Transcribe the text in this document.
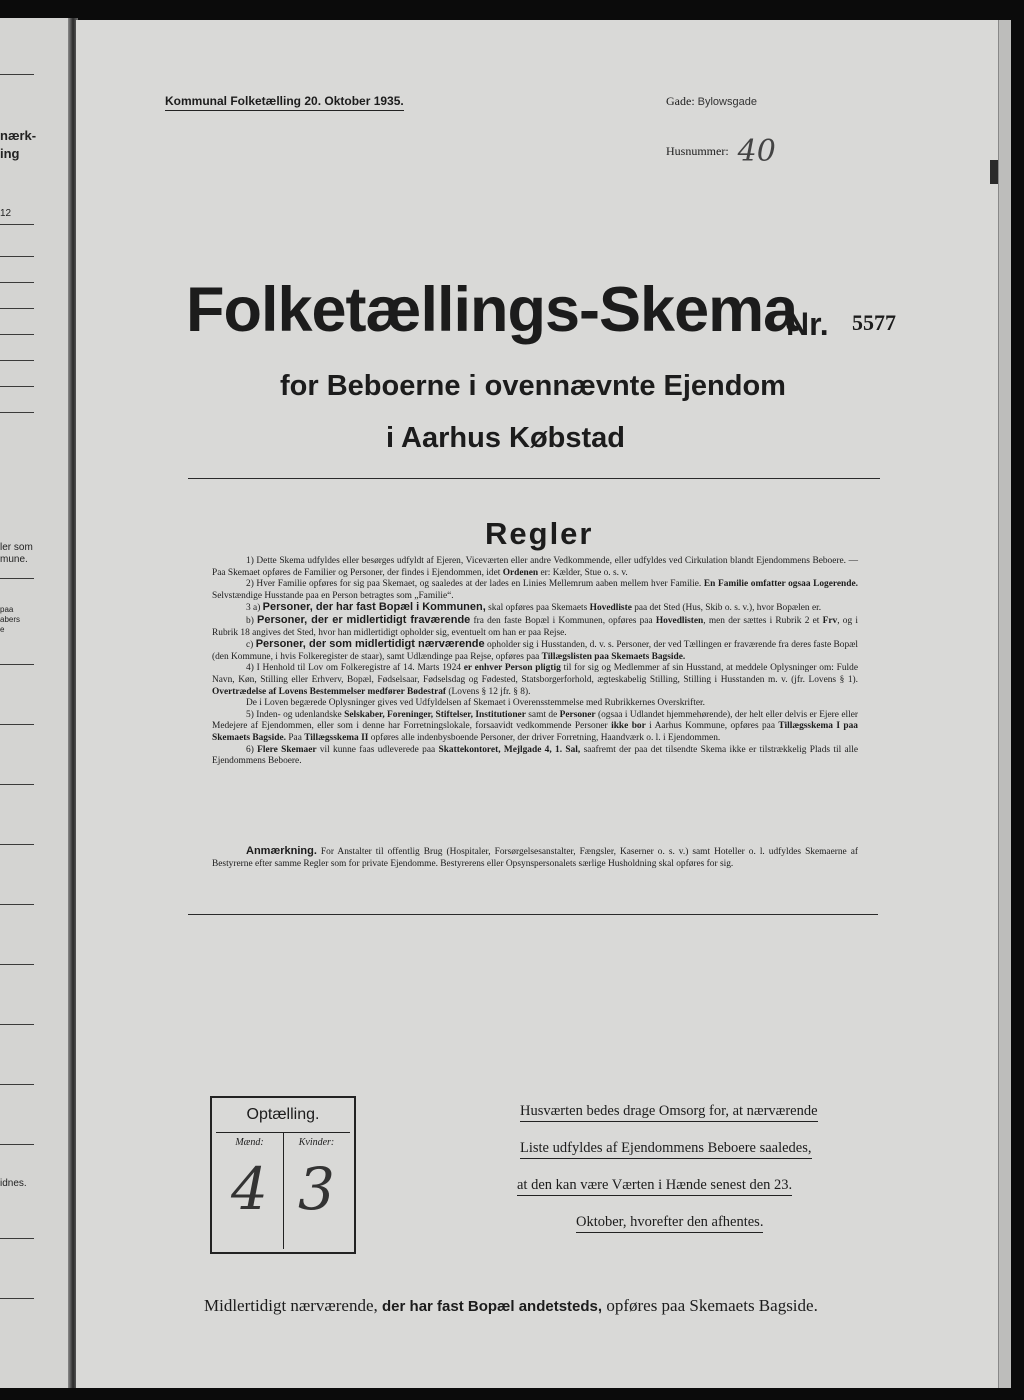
nærk-
ing
12
ler som
mune.
paa
abers
e
idnes.
Kommunal Folketælling 20. Oktober 1935.	Gade: Bylowsgade
Husnummer: 40
Folketællings-Skema
Nr. 5577
for Beboerne i ovennævnte Ejendom
i Aarhus Købstad
Regler

1) Dette Skema udfyldes eller besørges udfyldt af Ejeren, Viceværten eller andre Vedkommende, eller udfyldes ved Cirkulation blandt Ejendommens Beboere. — Paa Skemaet opføres de Familier og Personer, der findes i Ejendommen, idet Ordenen er: Kælder, Stue o. s. v.

2) Hver Familie opføres for sig paa Skemaet, og saaledes at der lades en Linies Mellemrum aaben mellem hver Familie. En Familie omfatter ogsaa Logerende. Selvstændige Husstande paa en Person betragtes som „Familie“.

3 a) Personer, der har fast Bopæl i Kommunen, skal opføres paa Skemaets Hovedliste paa det Sted (Hus, Skib o. s. v.), hvor Bopælen er.

b) Personer, der er midlertidigt fraværende fra den faste Bopæl i Kommunen, opføres paa Hovedlisten, men der sættes i Rubrik 2 et Frv, og i Rubrik 18 angives det Sted, hvor han midlertidigt opholder sig, eventuelt om han er paa Rejse.

c) Personer, der som midlertidigt nærværende opholder sig i Husstanden, d. v. s. Personer, der ved Tællingen er fraværende fra deres faste Bopæl (den Kommune, i hvis Folkeregister de staar), samt Udlændinge paa Rejse, opføres paa Tillægslisten paa Skemaets Bagside.

4) I Henhold til Lov om Folkeregistre af 14. Marts 1924 er enhver Person pligtig til for sig og Medlemmer af sin Husstand, at meddele Oplysninger om: Fulde Navn, Køn, Stilling eller Erhverv, Bopæl, Fødselsaar, Fødselsdag og Fødested, Statsborgerforhold, ægteskabelig Stilling, Stilling i Husstanden m. v. (jfr. Lovens § 1). Overtrædelse af Lovens Bestemmelser medfører Bødestraf (Lovens § 12 jfr. § 8).

De i Loven begærede Oplysninger gives ved Udfyldelsen af Skemaet i Overensstemmelse med Rubrikkernes Overskrifter.

5) Inden- og udenlandske Selskaber, Foreninger, Stiftelser, Institutioner samt de Personer (ogsaa i Udlandet hjemmehørende), der helt eller delvis er Ejere eller Medejere af Ejendommen, eller som i denne har Forretningslokale, forsaavidt vedkommende Personer ikke bor i Aarhus Kommune, opføres paa Tillægsskema I paa Skemaets Bagside. Paa Tillægsskema II opføres alle indenbysboende Personer, der driver Forretning, Haandværk o. l. i Ejendommen.

6) Flere Skemaer vil kunne faas udleverede paa Skattekontoret, Mejlgade 4, 1. Sal, saafremt der paa det tilsendte Skema ikke er tilstrækkelig Plads til alle Ejendommens Beboere.

Anmærkning. For Anstalter til offentlig Brug (Hospitaler, Forsørgelsesanstalter, Fængsler, Kaserner o. s. v.) samt Hoteller o. l. udfyldes Skemaerne af Bestyrerne efter samme Regler som for private Ejendomme. Bestyrerens eller Opsynspersonalets særlige Husholdning skal opføres for sig.
Optælling.
Mænd:	Kvinder:
4 3
Husværten bedes drage Omsorg for, at nærværende
Liste udfyldes af Ejendommens Beboere saaledes,
at den kan være Værten i Hænde senest den 23.
Oktober, hvorefter den afhentes.
Midlertidigt nærværende, der har fast Bopæl andetsteds, opføres paa Skemaets Bagside.
